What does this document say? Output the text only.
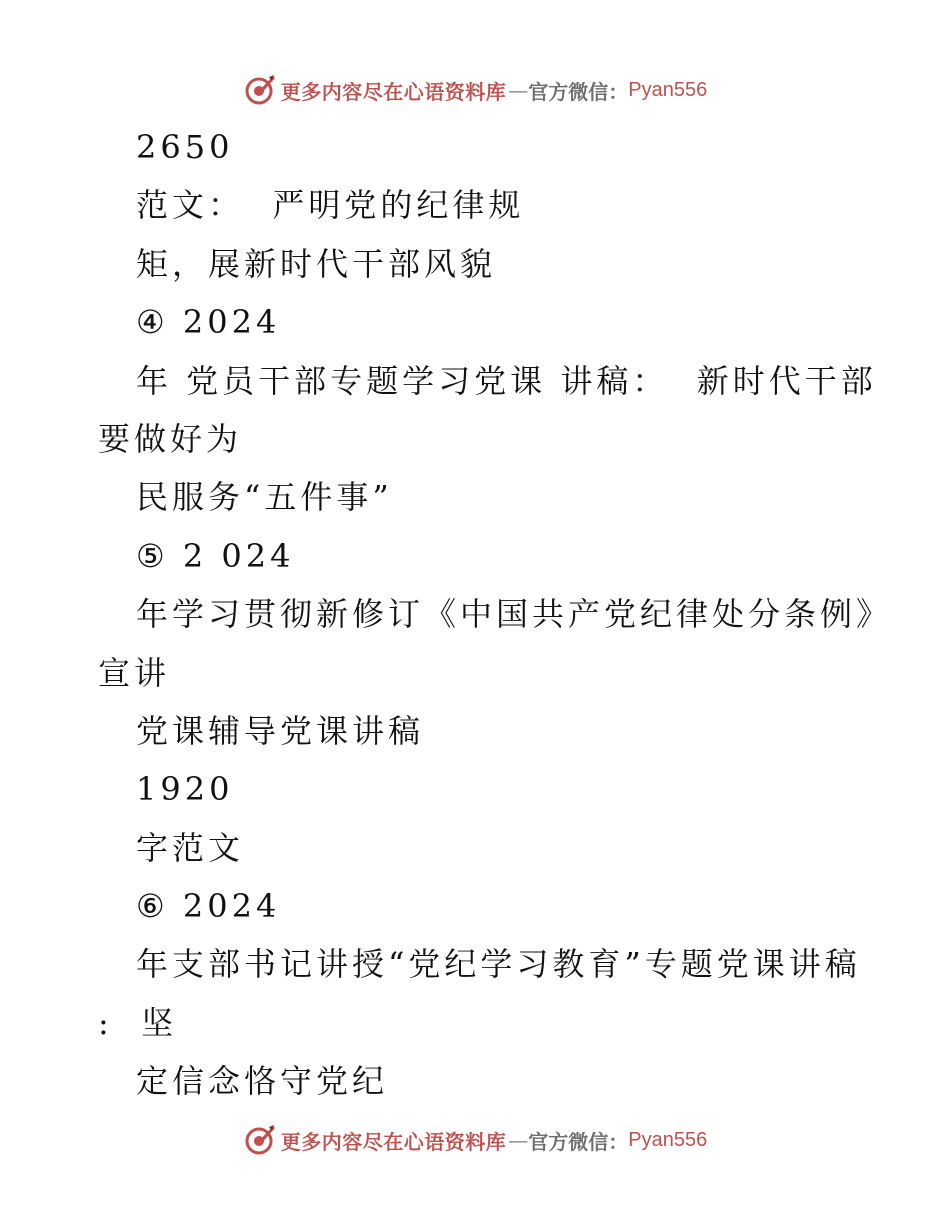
更多内容尽在心语资料库 — 官方微信： Pyan556
2650
范文：  严明党的纪律规
矩，展新时代干部风貌
④ 2024
年 党员干部专题学习党课 讲稿：  新时代干部
要做好为
民服务“五件事”
⑤ 2 024
年学习贯彻新修订《中国共产党纪律处分条例》
宣讲
党课辅导党课讲稿
1920
字范文
⑥ 2024
年支部书记讲授“党纪学习教育”专题党课讲稿
:  坚
定信念恪守党纪
更多内容尽在心语资料库 — 官方微信： Pyan556
